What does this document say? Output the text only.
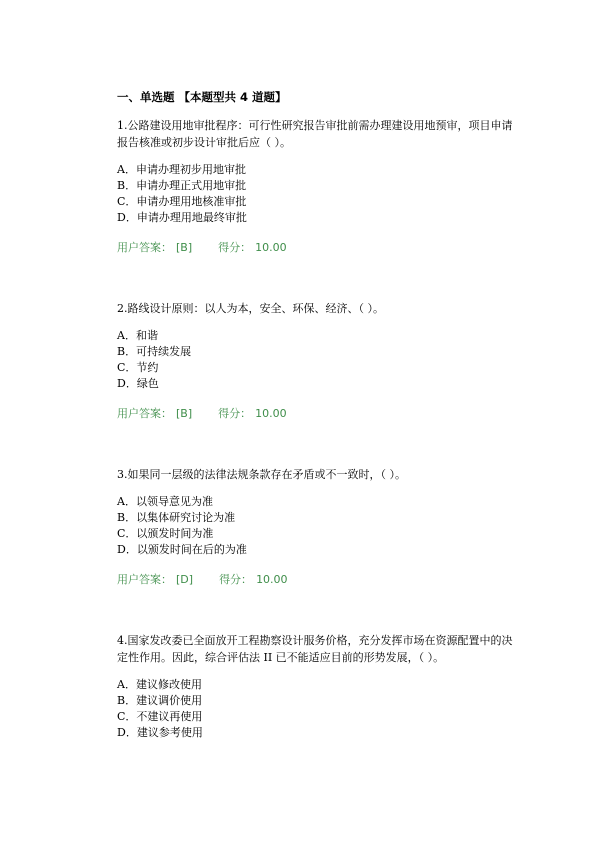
一、单选题 【本题型共 4 道题】

1.公路建设用地审批程序：可行性研究报告审批前需办理建设用地预审，项目申请报告核准或初步设计审批后应（ ）。

A．申请办理初步用地审批
B．申请办理正式用地审批
C．申请办理用地核准审批
D．申请办理用地最终审批
用户答案： [B] 得分： 10.00

2.路线设计原则：以人为本，安全、环保、经济、（ ）。

A．和谐
B．可持续发展
C．节约
D．绿色
用户答案： [B] 得分： 10.00

3.如果同一层级的法律法规条款存在矛盾或不一致时，（ ）。

A．以领导意见为准
B．以集体研究讨论为准
C．以颁发时间为准
D．以颁发时间在后的为准
用户答案： [D] 得分： 10.00

4.国家发改委已全面放开工程勘察设计服务价格，充分发挥市场在资源配置中的决定性作用。因此，综合评估法 II 已不能适应目前的形势发展，（ ）。

A．建议修改使用
B．建议调价使用
C．不建议再使用
D．建议参考使用
